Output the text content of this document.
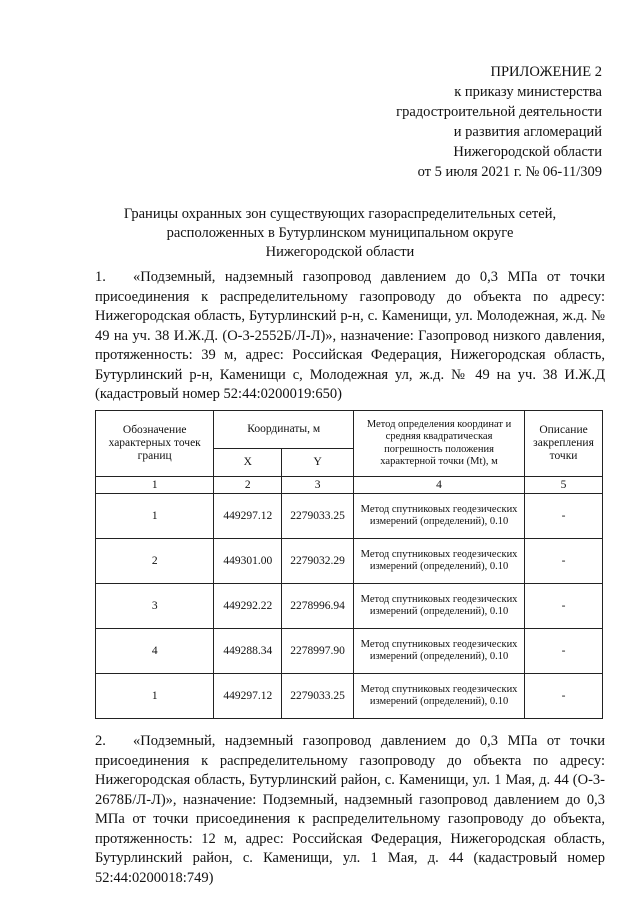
ПРИЛОЖЕНИЕ 2
к приказу министерства
градостроительной деятельности
и развития агломераций
Нижегородской области
от 5 июля 2021 г. № 06-11/309
Границы охранных зон существующих газораспределительных сетей,
расположенных в Бутурлинском муниципальном округе
Нижегородской области
1. «Подземный, надземный газопровод давлением до 0,3 МПа от точки присоединения к распределительному газопроводу до объекта по адресу: Нижегородская область, Бутурлинский р-н, с. Каменищи, ул. Молодежная, ж.д. № 49 на уч. 38 И.Ж.Д. (О-3-2552Б/Л-Л)», назначение: Газопровод низкого давления, протяженность: 39 м, адрес: Российская Федерация, Нижегородская область, Бутурлинский р-н, Каменищи с, Молодежная ул, ж.д. № 49 на уч. 38 И.Ж.Д (кадастровый номер 52:44:0200019:650)
Обозначение характерных точек границ	Координаты, м		Метод определения координат и средняя квадратическая погрешность положения характерной точки (Mt), м	Описание закрепления точки
	X	Y		
1	2	3	4	5
1	449297.12	2279033.25	Метод спутниковых геодезических измерений (определений), 0.10	-
2	449301.00	2279032.29	Метод спутниковых геодезических измерений (определений), 0.10	-
3	449292.22	2278996.94	Метод спутниковых геодезических измерений (определений), 0.10	-
4	449288.34	2278997.90	Метод спутниковых геодезических измерений (определений), 0.10	-
1	449297.12	2279033.25	Метод спутниковых геодезических измерений (определений), 0.10	-
2. «Подземный, надземный газопровод давлением до 0,3 МПа от точки присоединения к распределительному газопроводу до объекта по адресу: Нижегородская область, Бутурлинский район, с. Каменищи, ул. 1 Мая, д. 44 (О-3-2678Б/Л-Л)», назначение: Подземный, надземный газопровод давлением до 0,3 МПа от точки присоединения к распределительному газопроводу до объекта, протяженность: 12 м, адрес: Российская Федерация, Нижегородская область, Бутурлинский район, с. Каменищи, ул. 1 Мая, д. 44 (кадастровый номер 52:44:0200018:749)
